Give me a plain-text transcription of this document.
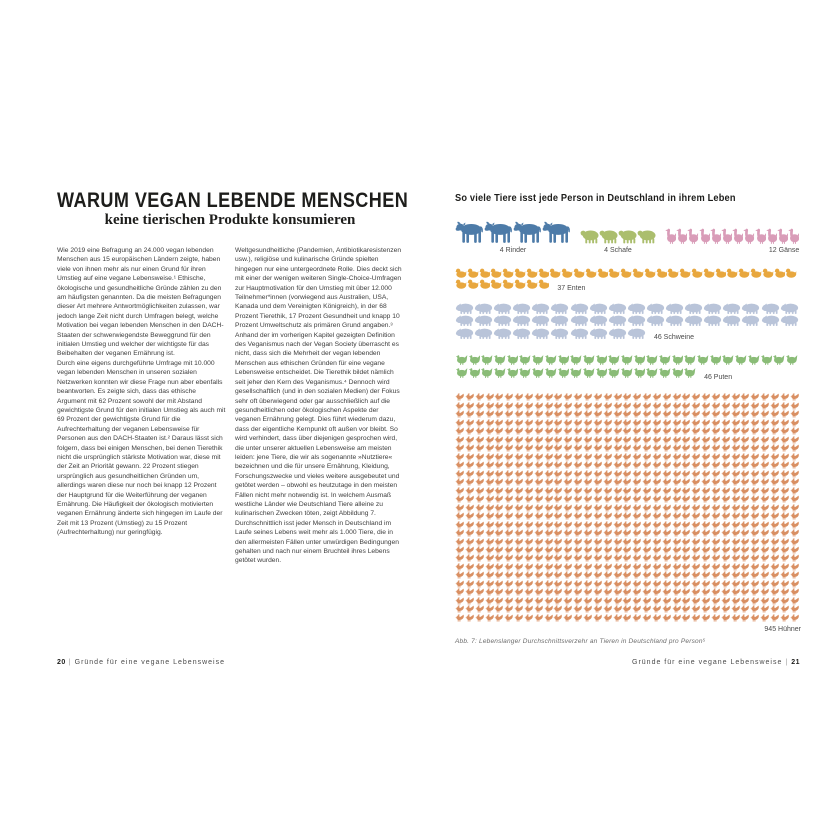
WARUM VEGAN LEBENDE MENSCHEN
keine tierischen Produkte konsumieren

Wie 2019 eine Befragung an 24.000 vegan lebenden Menschen aus 15 europäischen Ländern zeigte, haben viele von ihnen mehr als nur einen Grund für ihren Umstieg auf eine vegane Lebensweise.¹ Ethische, ökologische und gesundheitliche Gründe zählen zu den am häufigsten genannten. Da die meisten Befragungen dieser Art mehrere Antwortmöglichkeiten zulassen, war jedoch lange Zeit nicht durch Umfragen belegt, welche Motivation bei vegan lebenden Menschen in den DACH-Staaten der schwerwiegendste Beweggrund für den initialen Umstieg und welcher der wichtigste für das Beibehalten der veganen Ernährung ist.

Durch eine eigens durchgeführte Umfrage mit 10.000 vegan lebenden Menschen in unseren sozialen Netzwerken konnten wir diese Frage nun aber ebenfalls beantworten. Es zeigte sich, dass das ethische Argument mit 62 Prozent sowohl der mit Abstand gewichtigste Grund für den initialen Umstieg als auch mit 69 Prozent der gewichtigste Grund für die Aufrechterhaltung der veganen Lebensweise für Personen aus den DACH-Staaten ist.² Daraus lässt sich folgern, dass bei einigen Menschen, bei denen Tierethik nicht die ursprünglich stärkste Motivation war, diese mit der Zeit an Priorität gewann. 22 Prozent stiegen ursprünglich aus gesundheitlichen Gründen um, allerdings waren diese nur noch bei knapp 12 Prozent der Hauptgrund für die Weiterführung der veganen Ernährung. Die Häufigkeit der ökologisch motivierten veganen Ernährung änderte sich hingegen im Laufe der Zeit mit 13 Prozent (Umstieg) zu 15 Prozent (Aufrechterhaltung) nur geringfügig.

Weltgesundheitliche (Pandemien, Antibiotikaresistenzen usw.), religiöse und kulinarische Gründe spielten hingegen nur eine untergeordnete Rolle. Dies deckt sich mit einer der wenigen weiteren Single-Choice-Umfragen zur Hauptmotivation für den Umstieg mit über 12.000 Teilnehmer*innen (vorwiegend aus Australien, USA, Kanada und dem Vereinigten Königreich), in der 68 Prozent Tierethik, 17 Prozent Gesundheit und knapp 10 Prozent Umweltschutz als primären Grund angaben.³ Anhand der im vorherigen Kapitel gezeigten Definition des Veganismus nach der Vegan Society überrascht es nicht, dass sich die Mehrheit der vegan lebenden Menschen aus ethischen Gründen für eine vegane Lebensweise entscheidet. Die Tierethik bildet nämlich seit jeher den Kern des Veganismus.⁴ Dennoch wird gesellschaftlich (und in den sozialen Medien) der Fokus sehr oft überwiegend oder gar ausschließlich auf die gesundheitlichen oder ökologischen Aspekte der veganen Ernährung gelegt. Dies führt wiederum dazu, dass der eigentliche Kernpunkt oft außen vor bleibt. So wird verhindert, dass über diejenigen gesprochen wird, die unter unserer aktuellen Lebensweise am meisten leiden: jene Tiere, die wir als sogenannte »Nutztiere« bezeichnen und die für unsere Ernährung, Kleidung, Forschungszwecke und vieles weitere ausgebeutet und getötet werden – obwohl es heutzutage in den meisten Fällen nicht mehr notwendig ist. In welchem Ausmaß westliche Länder wie Deutschland Tiere alleine zu kulinarischen Zwecken töten, zeigt Abbildung 7. Durchschnittlich isst jeder Mensch in Deutschland im Laufe seines Lebens weit mehr als 1.000 Tiere, die in den allermeisten Fällen unter unwürdigen Bedingungen gehalten und nach nur einem Bruchteil ihres Lebens getötet wurden.

20 | Gründe für eine vegane Lebensweise
So viele Tiere isst jede Person in Deutschland in ihrem Leben
4 Rinder	4 Schafe	12 Gänse
37 Enten
46 Schweine
46 Puten
945 Hühner
Abb. 7: Lebenslanger Durchschnittsverzehr an Tieren in Deutschland pro Person⁵
Gründe für eine vegane Lebensweise | 21
